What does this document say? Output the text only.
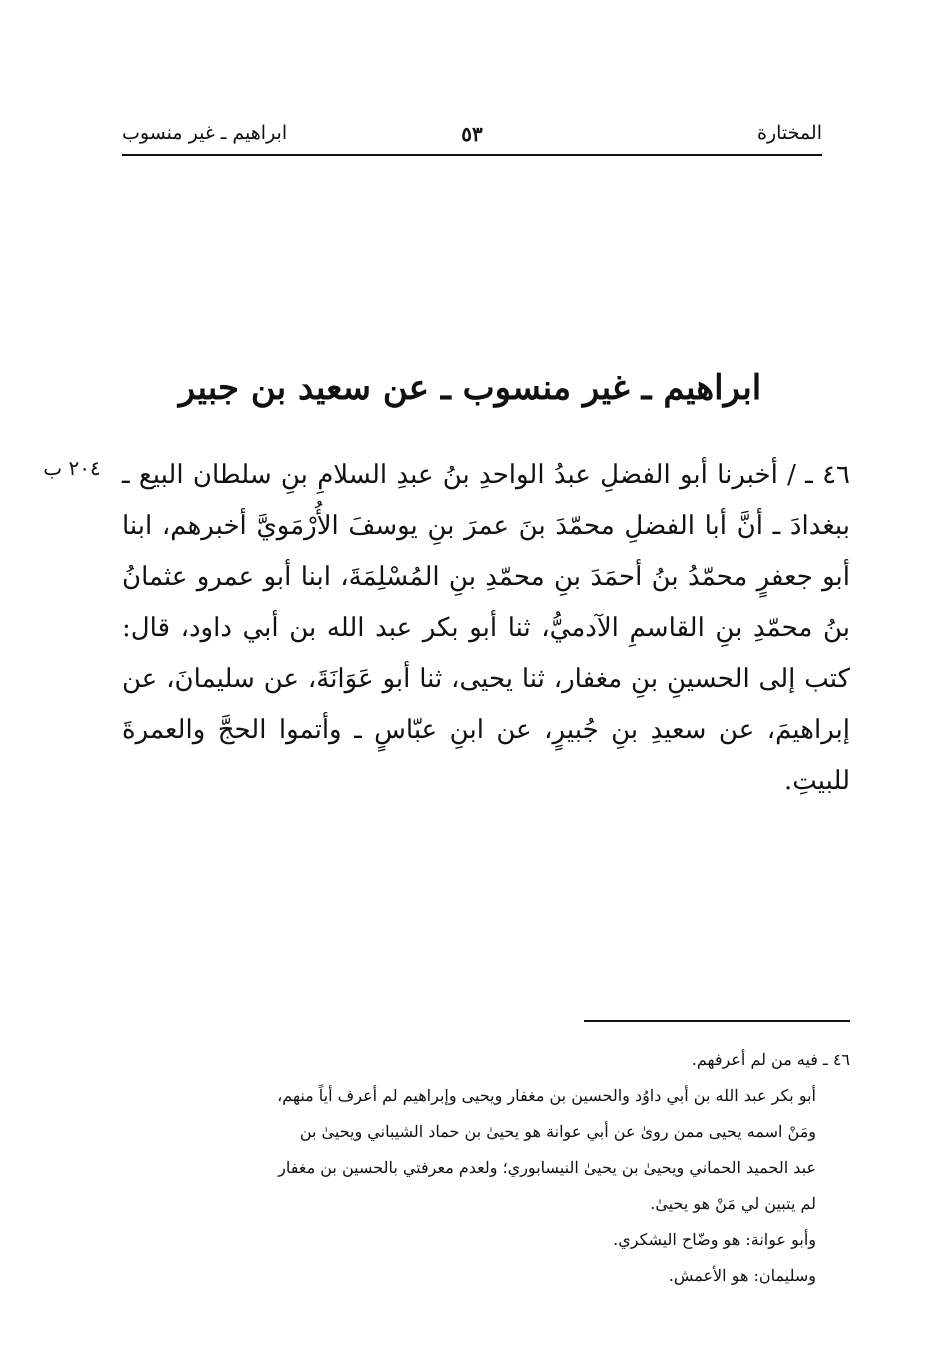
المختارة
٥٣
ابراهيم ـ غير منسوب
ابراهيم ـ غير منسوب ـ عن سعيد بن جبير
٢٠٤ ب ٤٦ ـ / أخبرنا أبو الفضلِ عبدُ الواحدِ بنُ عبدِ السلامِ بنِ سلطان البيع ـ ببغدادَ ـ أنَّ أبا الفضلِ محمّدَ بنَ عمرَ بنِ يوسفَ الأُرْمَويَّ أخبرهم، ابنا أبو جعفرٍ محمّدُ بنُ أحمَدَ بنِ محمّدِ بنِ المُسْلِمَةَ، ابنا أبو عمرو عثمانُ بنُ محمّدِ بنِ القاسمِ الآدميُّ، ثنا أبو بكر عبد الله بن أبي داود، قال: كتب إلى الحسينِ بنِ مغفار، ثنا يحيى، ثنا أبو عَوَانَةَ، عن سليمانَ، عن إبراهيمَ، عن سعيدِ بنِ جُبيرٍ، عن ابنِ عبّاسٍ ـ وأتموا الحجَّ والعمرةَ للبيتِ.
٤٦ ـ فيه من لم أعرفهم.
أبو بكر عبد الله بن أبي داوُد والحسين بن مغفار ويحيى وإبراهيم لم أعرف أياً منهم،
ومَنْ اسمه يحيى ممن روىٰ عن أبي عوانة هو يحيىٰ بن حماد الشيباني ويحيىٰ بن
عبد الحميد الحماني ويحيىٰ بن يحيىٰ النيسابوري؛ ولعدم معرفتي بالحسين بن مغفار
لم يتبين لي مَنْ هو يحيىٰ.
وأبو عوانة: هو وضّاح اليشكري.
وسليمان: هو الأعمش.
